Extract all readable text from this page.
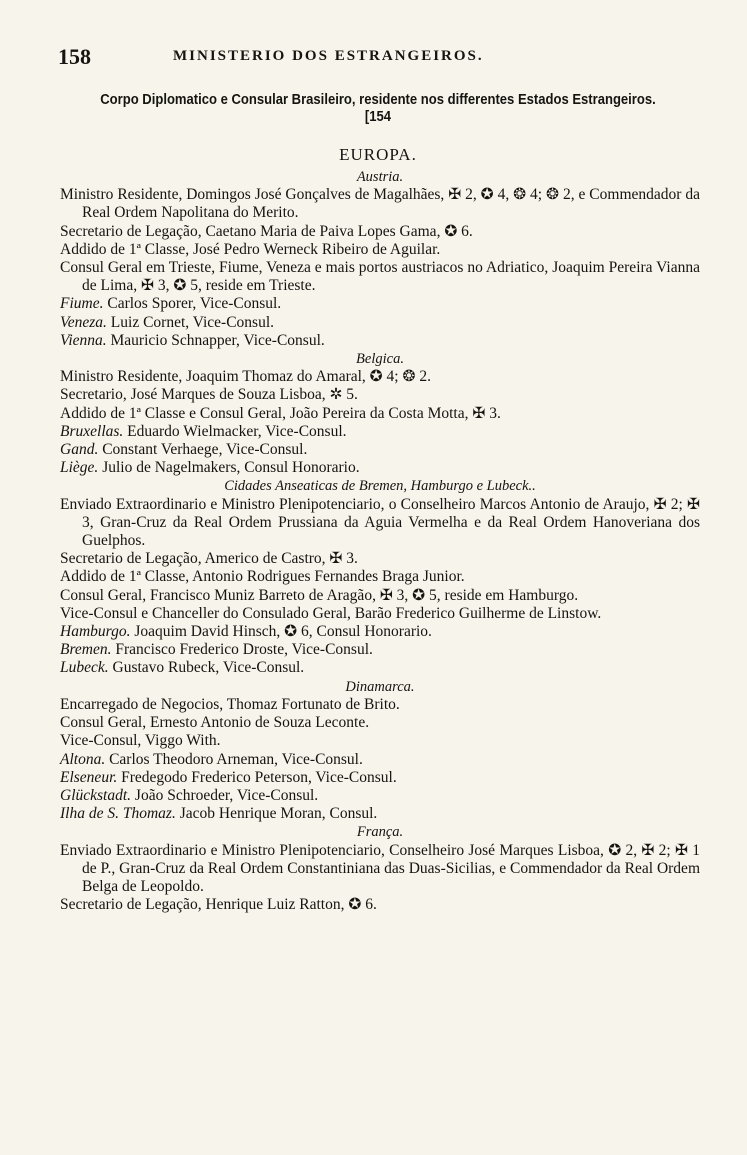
158	MINISTERIO DOS ESTRANGEIROS.
Corpo Diplomatico e Consular Brasileiro, residente nos differentes Estados Estrangeiros. [154
EUROPA.
Austria.
Ministro Residente, Domingos José Gonçalves de Magalhães, ✠ 2, ✪ 4, ❂ 4; ❂ 2, e Commendador da Real Ordem Napolitana do Merito.
Secretario de Legação, Caetano Maria de Paiva Lopes Gama, ✪ 6.
Addido de 1ª Classe, José Pedro Werneck Ribeiro de Aguilar.
Consul Geral em Trieste, Fiume, Veneza e mais portos austriacos no Adriatico, Joaquim Pereira Vianna de Lima, ✠ 3, ✪ 5, reside em Trieste.
Fiume. Carlos Sporer, Vice-Consul.
Veneza. Luiz Cornet, Vice-Consul.
Vienna. Mauricio Schnapper, Vice-Consul.
Belgica.
Ministro Residente, Joaquim Thomaz do Amaral, ✪ 4; ❂ 2.
Secretario, José Marques de Souza Lisboa, ✲ 5.
Addido de 1ª Classe e Consul Geral, João Pereira da Costa Motta, ✠ 3.
Bruxellas. Eduardo Wielmacker, Vice-Consul.
Gand. Constant Verhaege, Vice-Consul.
Liège. Julio de Nagelmakers, Consul Honorario.
Cidades Anseaticas de Bremen, Hamburgo e Lubeck..
Enviado Extraordinario e Ministro Plenipotenciario, o Conselheiro Marcos Antonio de Araujo, ✠ 2; ✠ 3, Gran-Cruz da Real Ordem Prussiana da Aguia Vermelha e da Real Ordem Hanoveriana dos Guelphos.
Secretario de Legação, Americo de Castro, ✠ 3.
Addido de 1ª Classe, Antonio Rodrigues Fernandes Braga Junior.
Consul Geral, Francisco Muniz Barreto de Aragão, ✠ 3, ✪ 5, reside em Hamburgo.
Vice-Consul e Chanceller do Consulado Geral, Barão Frederico Guilherme de Linstow.
Hamburgo. Joaquim David Hinsch, ✪ 6, Consul Honorario.
Bremen. Francisco Frederico Droste, Vice-Consul.
Lubeck. Gustavo Rubeck, Vice-Consul.
Dinamarca.
Encarregado de Negocios, Thomaz Fortunato de Brito.
Consul Geral, Ernesto Antonio de Souza Leconte.
Vice-Consul, Viggo With.
Altona. Carlos Theodoro Arneman, Vice-Consul.
Elseneur. Fredegodo Frederico Peterson, Vice-Consul.
Glückstadt. João Schroeder, Vice-Consul.
Ilha de S. Thomaz. Jacob Henrique Moran, Consul.
França.
Enviado Extraordinario e Ministro Plenipotenciario, Conselheiro José Marques Lisboa, ✪ 2, ✠ 2; ✠ 1 de P., Gran-Cruz da Real Ordem Constantiniana das Duas-Sicilias, e Commendador da Real Ordem Belga de Leopoldo.
Secretario de Legação, Henrique Luiz Ratton, ✪ 6.
